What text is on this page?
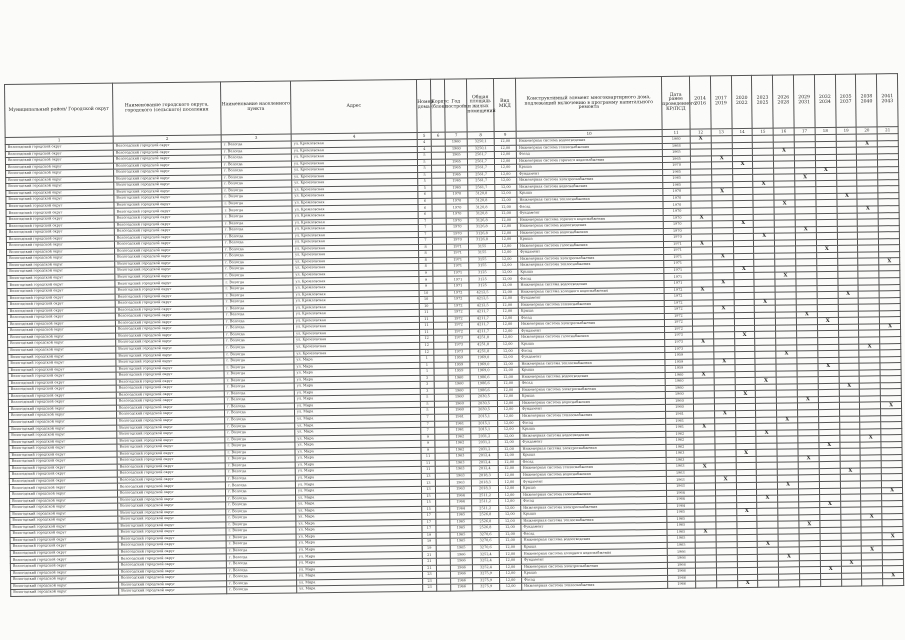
Муниципальный район/ Городской округ	Наименование городского округа, городского (сельского) поселения	Наименование населенного пункта	Адрес	Номер дома	Корпус (блок)	Год постройки	Общая площадь жилых помещений	Вид МКД	Конструктивный элемент многоквартирного дома, подлежащий включению в программу капитального ремонта	Дата ранее проведенного КР/ПСД	2014 2016	2017 2019	2020 2022	2023 2025	2026 2028	2029 2031	2032 2034	2035 2037	2038 2040	2041 2043
1	2	3	4	5	6	7	8	9	10	11	12	13	14	15	16	17	18	19	20	21
Вологодский городской округ	Вологодский городской округ	г. Вологда	ул. Кремлевская	4		1960	3250,1	12,00	Инженерная система водоотведения	1960	X									
Вологодский городской округ	Вологодский городской округ	г. Вологда	ул. Кремлевская	4		1960	3250,1	12,00	Инженерная система теплоснабжения	1968									X	
Вологодский городской округ	Вологодский городской округ	г. Вологда	ул. Кремлевская	5		1965	2561,7	12,00	Фасад	1965					X					
Вологодский городской округ	Вологодский городской округ	г. Вологда	ул. Кремлевская	5		1965	2561,7	12,00	Инженерная система горячего водоснабжения	1965		X								
Вологодский городской округ	Вологодский городской округ	г. Вологда	ул. Кремлевская	5		1965	2561,7	12,00	Крыша	1970			X							
Вологодский городской округ	Вологодский городской округ	г. Вологда	ул. Кремлевская	5		1965	2561,7	12,00	Фундамент	1965							X			
Вологодский городской округ	Вологодский городской округ	г. Вологда	ул. Кремлевская	5		1965	2561,7	12,00	Инженерная система электроснабжения	1965						X				
Вологодский городской округ	Вологодский городской округ	г. Вологда	ул. Кремлевская	5		1965	2561,7	12,00	Инженерная система водоснабжения	1965				X						
Вологодский городской округ	Вологодский городской округ	г. Вологда	ул. Кремлевская	6		1970	3120,8	12,00	Крыша	1970		X								
Вологодский городской округ	Вологодский городской округ	г. Вологда	ул. Кремлевская	6		1970	3120,8	12,00	Инженерная система теплоснабжения	1970								X		
Вологодский городской округ	Вологодский городской округ	г. Вологда	ул. Кремлевская	6		1970	3120,8	12,00	Фасад	1970					X					
Вологодский городской округ	Вологодский городской округ	г. Вологда	ул. Кремлевская	6		1970	3120,8	12,00	Фундамент	1970									X	
Вологодский городской округ	Вологодский городской округ	г. Вологда	ул. Кремлевская	7		1970	3126,8	12,00	Инженерная система горячего водоснабжения	1970	X									
Вологодский городской округ	Вологодский городской округ	г. Вологда	ул. Кремлевская	7		1970	3126,8	12,00	Инженерная система водоотведения	1970			X							
Вологодский городской округ	Вологодский городской округ	г. Вологда	ул. Кремлевская	7		1970	3126,8	12,00	Инженерная система водоснабжения	1970						X				
Вологодский городской округ	Вологодский городской округ	г. Вологда	ул. Кремлевская	7		1970	3126,8	12,00	Крыша	1970				X						
Вологодский городской округ	Вологодский городской округ	г. Вологда	ул. Кремлевская	8		1971	3155	12,00	Инженерная система газоснабжения	1971	X									
Вологодский городской округ	Вологодский городской округ	г. Вологда	ул. Кремлевская	8		1971	3155	12,00	Фундамент	1971							X			
Вологодский городской округ	Вологодский городской округ	г. Вологда	ул. Кремлевская	8		1971	3155	12,00	Инженерная система электроснабжения	1971		X								
Вологодский городской округ	Вологодский городской округ	г. Вологда	ул. Кремлевская	8		1971	3155	12,00	Инженерная система теплоснабжения	1971										X
Вологодский городской округ	Вологодский городской округ	г. Вологда	ул. Кремлевская	9		1971	3125	12,00	Крыша	1971			X							
Вологодский городской округ	Вологодский городской округ	г. Вологда	ул. Кремлевская	9		1971	3125	12,00	Фасад	1971					X					
Вологодский городской округ	Вологодский городской округ	г. Вологда	ул. Кремлевская	9		1971	3125	12,00	Инженерная система водоотведения	1971		X								
Вологодский городской округ	Вологодский городской округ	г. Вологда	ул. Кремлевская	10		1972	4212,5	12,00	Инженерная система холодного водоснабжения	1972	X									
Вологодский городской округ	Вологодский городской округ	г. Вологда	ул. Кремлевская	10		1972	4212,5	12,00	Фундамент	1972								X		
Вологодский городской округ	Вологодский городской округ	г. Вологда	ул. Кремлевская	10		1972	4212,5	12,00	Инженерная система теплоснабжения	1972				X						
Вологодский городской округ	Вологодский городской округ	г. Вологда	ул. Кремлевская	11		1972	4211,7	12,00	Крыша	1972		X								
Вологодский городской округ	Вологодский городской округ	г. Вологда	ул. Кремлевская	11		1972	4211,7	12,00	Фасад	1972						X				
Вологодский городской округ	Вологодский городской округ	г. Вологда	ул. Кремлевская	11		1972	4211,7	12,00	Инженерная система электроснабжения	1972							X			
Вологодский городской округ	Вологодский городской округ	г. Вологда	ул. Кремлевская	11		1972	4211,7	12,00	Фундамент	1972										X
Вологодский городской округ	Вологодский городской округ	г. Вологда	ул. Кремлевская	12		1973	4251,8	12,00	Инженерная система газоснабжения	1973			X							
Вологодский городской округ	Вологодский городской округ	г. Вологда	ул. Кремлевская	12		1973	4251,8	12,00	Крыша	1973	X									
Вологодский городской округ	Вологодский городской округ	г. Вологда	ул. Кремлевская	12		1973	4251,8	12,00	Фасад	1973									X	
Вологодский городской округ	Вологодский городской округ	г. Вологда	ул. Мира	1		1959	1969,0	12,00	Фундамент	1959					X					
Вологодский городской округ	Вологодский городской округ	г. Вологда	ул. Мира	1		1959	1969,0	12,00	Инженерная система теплоснабжения	1959		X								
Вологодский городской округ	Вологодский городской округ	г. Вологда	ул. Мира	1		1959	1969,0	12,00	Крыша	1959							X			
Вологодский городской округ	Вологодский городской округ	г. Вологда	ул. Мира	3		1960	1986,6	12,00	Инженерная система водоотведения	1960	X									
Вологодский городской округ	Вологодский городской округ	г. Вологда	ул. Мира	3		1960	1986,6	12,00	Фасад	1960				X						
Вологодский городской округ	Вологодский городской округ	г. Вологда	ул. Мира	3		1960	1986,6	12,00	Инженерная система электроснабжения	1960								X		
Вологодский городской округ	Вологодский городской округ	г. Вологда	ул. Мира	5		1960	2030,5	12,00	Крыша	1960			X							
Вологодский городской округ	Вологодский городской округ	г. Вологда	ул. Мира	5		1960	2030,5	12,00	Инженерная система водоснабжения	1960						X				
Вологодский городской округ	Вологодский городской округ	г. Вологда	ул. Мира	5		1960	2030,5	12,00	Фундамент	1960										X
Вологодский городской округ	Вологодский городской округ	г. Вологда	ул. Мира	7		1961	2015,1	12,00	Инженерная система теплоснабжения	1961		X								
Вологодский городской округ	Вологодский городской округ	г. Вологда	ул. Мира	7		1961	2015,1	12,00	Фасад	1961					X					
Вологодский городской округ	Вологодский городской округ	г. Вологда	ул. Мира	7		1961	2015,1	12,00	Крыша	1961	X									
Вологодский городской округ	Вологодский городской округ	г. Вологда	ул. Мира	9		1962	2031,2	12,00	Инженерная система водоотведения	1962				X						
Вологодский городской округ	Вологодский городской округ	г. Вологда	ул. Мира	9		1962	2031,2	12,00	Фундамент	1962									X	
Вологодский городской округ	Вологодский городской округ	г. Вологда	ул. Мира	9		1962	2031,2	12,00	Инженерная система электроснабжения	1962							X			
Вологодский городской округ	Вологодский городской округ	г. Вологда	ул. Мира	11		1963	2012,4	12,00	Крыша	1963			X							
Вологодский городской округ	Вологодский городской округ	г. Вологда	ул. Мира	11		1963	2012,4	12,00	Фасад	1963						X				
Вологодский городской округ	Вологодский городской округ	г. Вологда	ул. Мира	11		1963	2012,4	12,00	Инженерная система теплоснабжения	1963	X									
Вологодский городской округ	Вологодский городской округ	г. Вологда	ул. Мира	13		1963	2018,3	12,00	Инженерная система водоснабжения	1963								X		
Вологодский городской округ	Вологодский городской округ	г. Вологда	ул. Мира	13		1963	2018,3	12,00	Фундамент	1963		X								
Вологодский городской округ	Вологодский городской округ	г. Вологда	ул. Мира	13		1963	2018,3	12,00	Крыша	1963					X					
Вологодский городской округ	Вологодский городской округ	г. Вологда	ул. Мира	15		1964	2511,2	12,00	Инженерная система газоснабжения	1964										X
Вологодский городской округ	Вологодский городской округ	г. Вологда	ул. Мира	15		1964	2511,2	12,00	Фасад	1964				X						
Вологодский городской округ	Вологодский городской округ	г. Вологда	ул. Мира	15		1964	2511,2	12,00	Инженерная система электроснабжения	1964							X			
Вологодский городской округ	Вологодский городской округ	г. Вологда	ул. Мира	17		1965	2526,8	12,00	Крыша	1965			X							
Вологодский городской округ	Вологодский городской округ	г. Вологда	ул. Мира	17		1965	2526,8	12,00	Инженерная система теплоснабжения	1965									X	
Вологодский городской округ	Вологодский городской округ	г. Вологда	ул. Мира	17		1965	2526,8	12,00	Фундамент	1965						X				
Вологодский городской округ	Вологодский городской округ	г. Вологда	ул. Мира	19		1965	3270,6	12,00	Фасад	1965	X									
Вологодский городской округ	Вологодский городской округ	г. Вологда	ул. Мира	19		1965	3270,6	12,00	Инженерная система водоотведения	1965										X
Вологодский городской округ	Вологодский городской округ	г. Вологда	ул. Мира	19		1965	3270,6	12,00	Крыша	1965				X						
Вологодский городской округ	Вологодский городской округ	г. Вологда	ул. Мира	21		1966	3252,4	12,00	Инженерная система холодного водоснабжения	1966									X	
Вологодский городской округ	Вологодский городской округ	г. Вологда	ул. Мира	21		1966	3252,4	12,00	Фундамент	1966					X					
Вологодский городской округ	Вологодский городской округ	г. Вологда	ул. Мира	21		1966	3252,4	12,00	Инженерная система электроснабжения	1966								X		
Вологодский городской округ	Вологодский городской округ	г. Вологда	ул. Мира	23		1966	3275,9	12,00	Крыша	1966							X			
Вологодский городской округ	Вологодский городской округ	г. Вологда	ул. Мира	23		1966	3275,9	12,00	Фасад	1966										X
Вологодский городской округ	Вологодский городской округ	г. Вологда	ул. Мира	23		1966	3275,9	12,00	Инженерная система теплоснабжения	1966			X							
